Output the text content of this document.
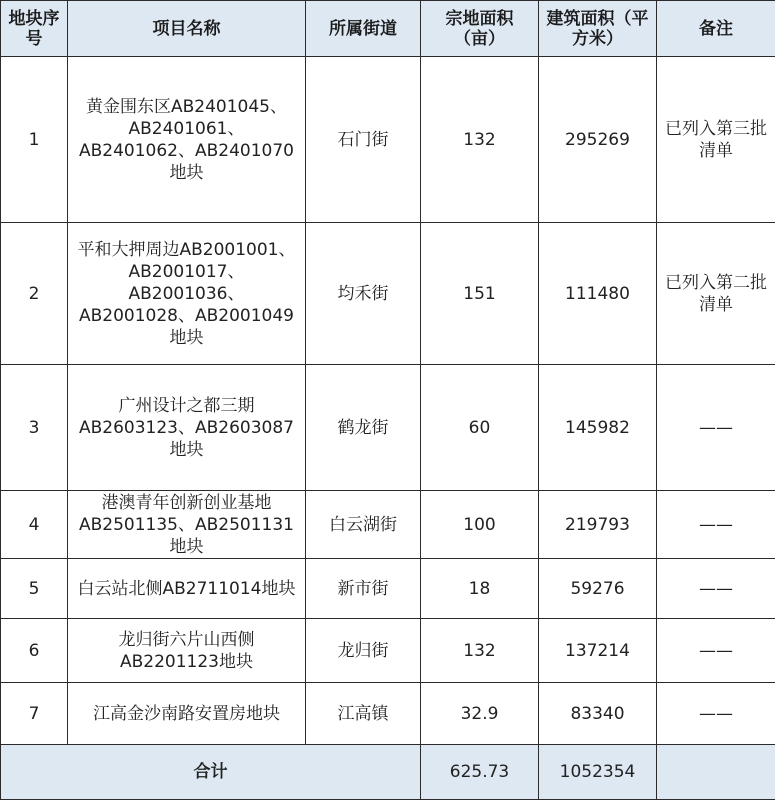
地块序号	项目名称	所属街道	宗地面积（亩）	建筑面积（平方米）	备注
1	黄金围东区AB2401045、AB2401061、AB2401062、AB2401070地块	石门街	132	295269	已列入第三批清单
2	平和大押周边AB2001001、AB2001017、AB2001036、AB2001028、AB2001049地块	均禾街	151	111480	已列入第二批清单
3	广州设计之都三期AB2603123、AB2603087地块	鹤龙街	60	145982	——
4	港澳青年创新创业基地AB2501135、AB2501131地块	白云湖街	100	219793	——
5	白云站北侧AB2711014地块	新市街	18	59276	——
6	龙归街六片山西侧AB2201123地块	龙归街	132	137214	——
7	江高金沙南路安置房地块	江高镇	32.9	83340	——
合计			625.73	1052354	
